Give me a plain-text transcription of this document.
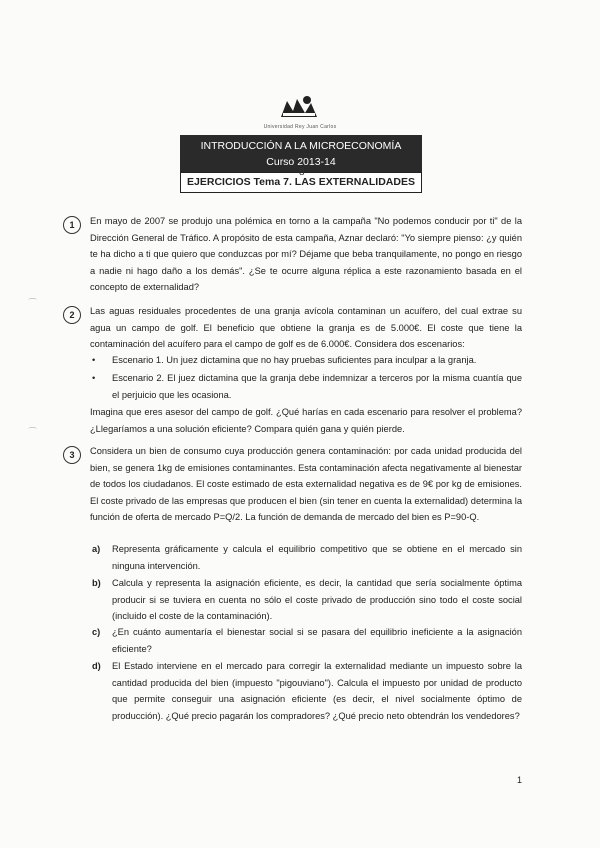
Universidad Rey Juan Carlos
INTRODUCCIÓN A LA MICROECONOMÍA
Curso 2013-14
8
EJERCICIOS Tema 7. LAS EXTERNALIDADES
1	En mayo de 2007 se produjo una polémica en torno a la campaña "No podemos conducir por ti" de la Dirección General de Tráfico. A propósito de esta campaña, Aznar declaró: "Yo siempre pienso: ¿y quién te ha dicho a ti que quiero que conduzcas por mí? Déjame que beba tranquilamente, no pongo en riesgo a nadie ni hago daño a los demás". ¿Se te ocurre alguna réplica a este razonamiento basada en el concepto de externalidad?
⌒
2	Las aguas residuales procedentes de una granja avícola contaminan un acuífero, del cual extrae su agua un campo de golf. El beneficio que obtiene la granja es de 5.000€. El coste que tiene la contaminación del acuífero para el campo de golf es de 6.000€. Considera dos escenarios:
• Escenario 1. Un juez dictamina que no hay pruebas suficientes para inculpar a la granja.
• Escenario 2. El juez dictamina que la granja debe indemnizar a terceros por la misma cuantía que el perjuicio que les ocasiona.
Imagina que eres asesor del campo de golf. ¿Qué harías en cada escenario para resolver el problema? ¿Llegaríamos a una solución eficiente? Compara quién gana y quién pierde.
⌒
3	Considera un bien de consumo cuya producción genera contaminación: por cada unidad producida del bien, se genera 1kg de emisiones contaminantes. Esta contaminación afecta negativamente al bienestar de todos los ciudadanos. El coste estimado de esta externalidad negativa es de 9€ por kg de emisiones. El coste privado de las empresas que producen el bien (sin tener en cuenta la externalidad) determina la función de oferta de mercado P=Q/2. La función de demanda de mercado del bien es P=90-Q.
a) Representa gráficamente y calcula el equilibrio competitivo que se obtiene en el mercado sin ninguna intervención.
b) Calcula y representa la asignación eficiente, es decir, la cantidad que sería socialmente óptima producir si se tuviera en cuenta no sólo el coste privado de producción sino todo el coste social (incluido el coste de la contaminación).
c) ¿En cuánto aumentaría el bienestar social si se pasara del equilibrio ineficiente a la asignación eficiente?
d) El Estado interviene en el mercado para corregir la externalidad mediante un impuesto sobre la cantidad producida del bien (impuesto "pigouviano"). Calcula el impuesto por unidad de producto que permite conseguir una asignación eficiente (es decir, el nivel socialmente óptimo de producción). ¿Qué precio pagarán los compradores? ¿Qué precio neto obtendrán los vendedores?
1
